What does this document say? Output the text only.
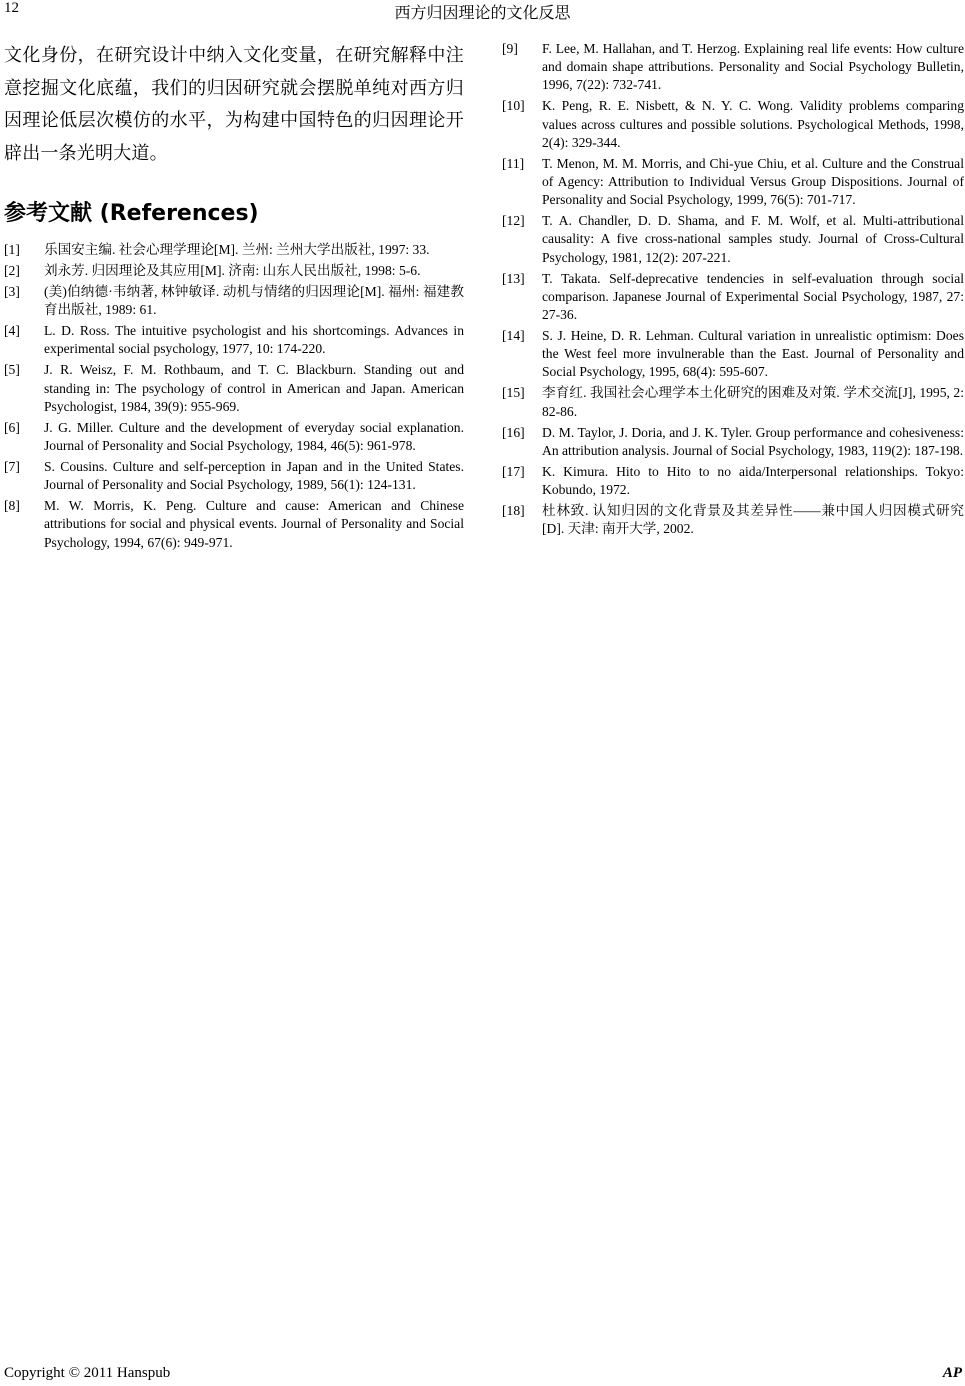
12	西方归因理论的文化反思

文化身份，在研究设计中纳入文化变量，在研究解释中注意挖掘文化底蕴，我们的归因研究就会摆脱单纯对西方归因理论低层次模仿的水平，为构建中国特色的归因理论开辟出一条光明大道。

参考文献 (References)
[1]	乐国安主编. 社会心理学理论[M]. 兰州: 兰州大学出版社, 1997: 33.
[2]	刘永芳. 归因理论及其应用[M]. 济南: 山东人民出版社, 1998: 5-6.
[3]	(美)伯纳德·韦纳著, 林钟敏译. 动机与情绪的归因理论[M]. 福州: 福建教育出版社, 1989: 61.
[4]	L. D. Ross. The intuitive psychologist and his shortcomings. Advances in experimental social psychology, 1977, 10: 174-220.
[5]	J. R. Weisz, F. M. Rothbaum, and T. C. Blackburn. Standing out and standing in: The psychology of control in American and Japan. American Psychologist, 1984, 39(9): 955-969.
[6]	J. G. Miller. Culture and the development of everyday social explanation. Journal of Personality and Social Psychology, 1984, 46(5): 961-978.
[7]	S. Cousins. Culture and self-perception in Japan and in the United States. Journal of Personality and Social Psychology, 1989, 56(1): 124-131.
[8]	M. W. Morris, K. Peng. Culture and cause: American and Chinese attributions for social and physical events. Journal of Personality and Social Psychology, 1994, 67(6): 949-971.
[9]	F. Lee, M. Hallahan, and T. Herzog. Explaining real life events: How culture and domain shape attributions. Personality and Social Psychology Bulletin, 1996, 7(22): 732-741.
[10]	K. Peng, R. E. Nisbett, & N. Y. C. Wong. Validity problems comparing values across cultures and possible solutions. Psychological Methods, 1998, 2(4): 329-344.
[11]	T. Menon, M. M. Morris, and Chi-yue Chiu, et al. Culture and the Construal of Agency: Attribution to Individual Versus Group Dispositions. Journal of Personality and Social Psychology, 1999, 76(5): 701-717.
[12]	T. A. Chandler, D. D. Shama, and F. M. Wolf, et al. Multi-attributional causality: A five cross-national samples study. Journal of Cross-Cultural Psychology, 1981, 12(2): 207-221.
[13]	T. Takata. Self-deprecative tendencies in self-evaluation through social comparison. Japanese Journal of Experimental Social Psychology, 1987, 27: 27-36.
[14]	S. J. Heine, D. R. Lehman. Cultural variation in unrealistic optimism: Does the West feel more invulnerable than the East. Journal of Personality and Social Psychology, 1995, 68(4): 595-607.
[15]	李育红. 我国社会心理学本土化研究的困难及对策. 学术交流[J], 1995, 2: 82-86.
[16]	D. M. Taylor, J. Doria, and J. K. Tyler. Group performance and cohesiveness: An attribution analysis. Journal of Social Psychology, 1983, 119(2): 187-198.
[17]	K. Kimura. Hito to Hito to no aida/Interpersonal relationships. Tokyo: Kobundo, 1972.
[18]	杜林致. 认知归因的文化背景及其差异性——兼中国人归因模式研究[D]. 天津: 南开大学, 2002.
Copyright © 2011 Hanspub	AP
